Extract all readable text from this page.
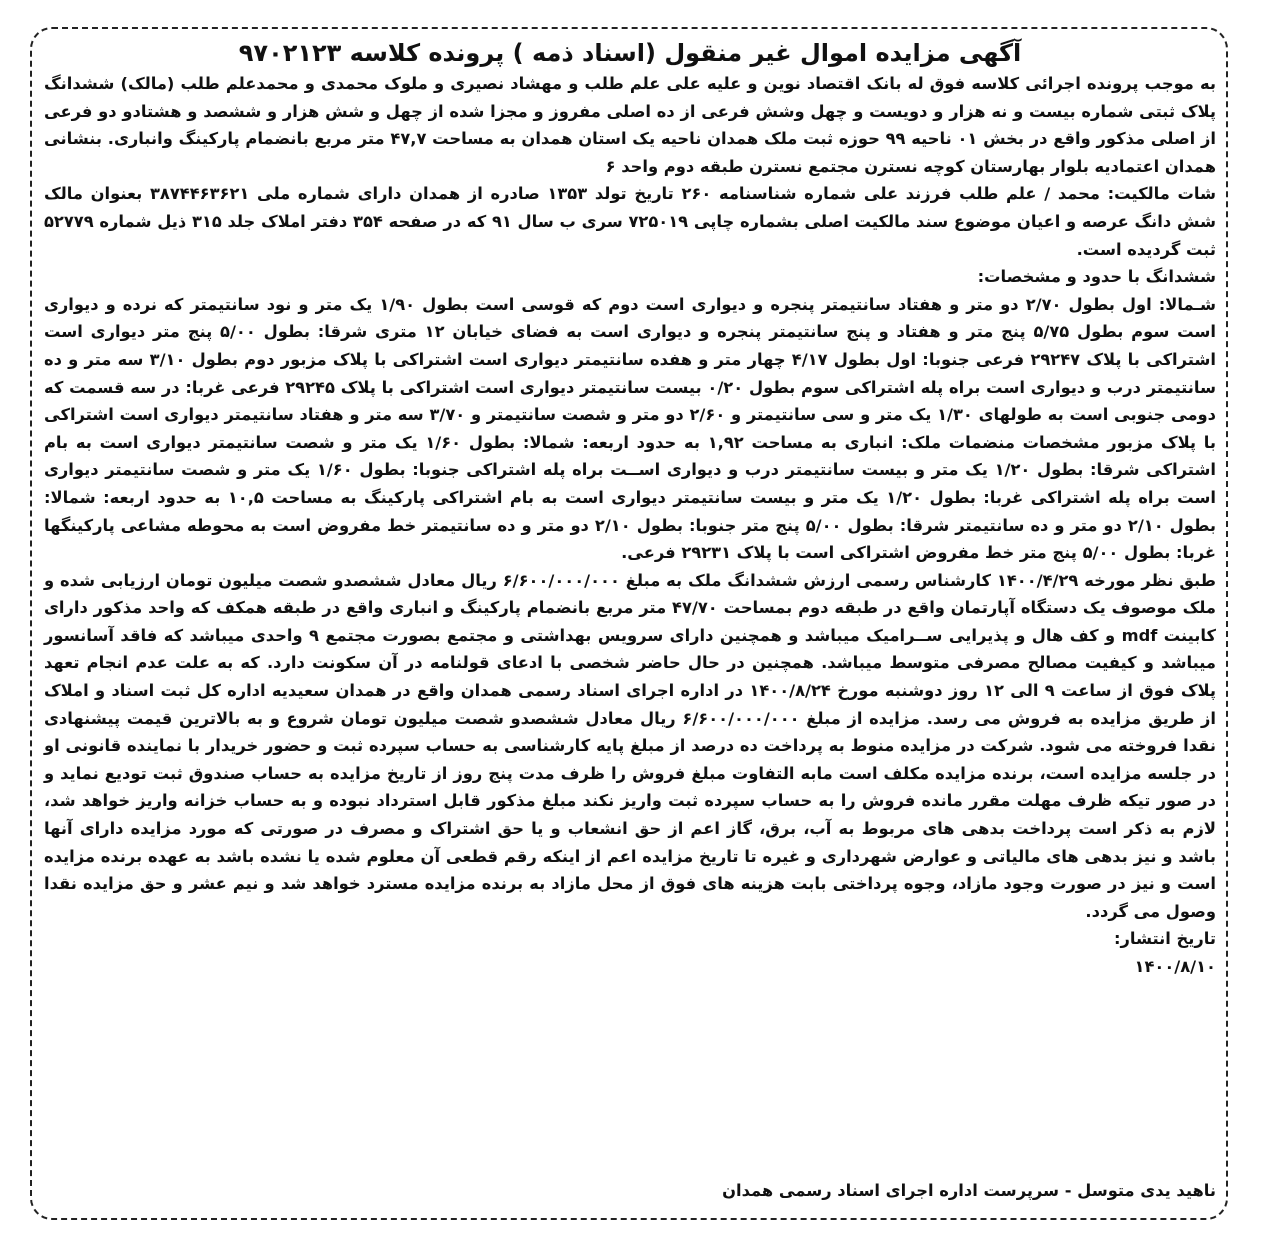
آگهی مزایده اموال غیر منقول (اسناد ذمه ) پرونده کلاسه ۹۷۰۲۱۲۳

به موجب پرونده اجرائی کلاسه فوق له بانک اقتصاد نوین و علیه علی علم طلب و مهشاد نصیری و ملوک محمدی و محمدعلم طلب (مالک) ششدانگ پلاک ثبتی شماره بیست و نه هزار و دویست و چهل وشش فرعی از ده اصلی مفروز و مجزا شده از چهل و شش هزار و ششصد و هشتادو دو فرعی از اصلی مذکور واقع در بخش ۰۱ ناحیه ۹۹ حوزه ثبت ملک همدان ناحیه یک استان همدان به مساحت ۴۷,۷ متر مربع بانضمام پارکینگ وانباری. بنشانی همدان اعتمادیه بلوار بهارستان کوچه نسترن مجتمع نسترن طبقه دوم واحد ۶

شات مالکیت: محمد / علم طلب فرزند علی شماره شناسنامه ۲۶۰ تاریخ تولد ۱۳۵۳ صادره از همدان دارای شماره ملی ۳۸۷۴۴۶۳۶۲۱ بعنوان مالک شش دانگ عرصه و اعیان موضوع سند مالکیت اصلی بشماره چاپی ۷۲۵۰۱۹ سری ب سال ۹۱ که در صفحه ۳۵۴ دفتر املاک جلد ۳۱۵ ذیل شماره ۵۲۷۷۹ ثبت گردیده است.

ششدانگ با حدود و مشخصات:

شـمالا: اول بطول ۲/۷۰ دو متر و هفتاد سانتیمتر پنجره و دیواری است دوم که قوسی است بطول ۱/۹۰ یک متر و نود سانتیمتر که نرده و دیواری است سوم بطول ۵/۷۵ پنج متر و هفتاد و پنج سانتیمتر پنجره و دیواری است به فضای خیابان ۱۲ متری شرقا: بطول ۵/۰۰ پنج متر دیواری است اشتراکی با پلاک ۲۹۲۴۷ فرعی جنوبا: اول بطول ۴/۱۷ چهار متر و هفده سانتیمتر دیواری است اشتراکی با پلاک مزبور دوم بطول ۳/۱۰ سه متر و ده سانتیمتر درب و دیواری است براه پله اشتراکی سوم بطول ۰/۲۰ بیست سانتیمتر دیواری است اشتراکی با پلاک ۲۹۲۴۵ فرعی غربا: در سه قسمت که دومی جنوبی است به طولهای ۱/۳۰ یک متر و سی سانتیمتر و ۲/۶۰ دو متر و شصت سانتیمتر و ۳/۷۰ سه متر و هفتاد سانتیمتر دیواری است اشتراکی با پلاک مزبور مشخصات منضمات ملک: انباری به مساحت ۱,۹۲ به حدود اربعه: شمالا: بطول ۱/۶۰ یک متر و شصت سانتیمتر دیواری است به بام اشتراکی شرقا: بطول ۱/۲۰ یک متر و بیست سانتیمتر درب و دیواری اســت براه پله اشتراکی جنوبا: بطول ۱/۶۰ یک متر و شصت سانتیمتر دیواری است براه پله اشتراکی غربا: بطول ۱/۲۰ یک متر و بیست سانتیمتر دیواری است به بام اشتراکی پارکینگ به مساحت ۱۰,۵ به حدود اربعه: شمالا: بطول ۲/۱۰ دو متر و ده سانتیمتر شرقا: بطول ۵/۰۰ پنج متر جنوبا: بطول ۲/۱۰ دو متر و ده سانتیمتر خط مفروض است به محوطه مشاعی پارکینگها غربا: بطول ۵/۰۰ پنج متر خط مفروض اشتراکی است با پلاک ۲۹۲۳۱ فرعی.

طبق نظر مورخه ۱۴۰۰/۴/۲۹ کارشناس رسمی ارزش ششدانگ ملک به مبلغ ۶/۶۰۰/۰۰۰/۰۰۰ ریال معادل ششصدو شصت میلیون تومان ارزیابی شده و ملک موصوف یک دستگاه آپارتمان واقع در طبقه دوم بمساحت ۴۷/۷۰ متر مربع بانضمام پارکینگ و انباری واقع در طبقه همکف که واحد مذکور دارای کابینت mdf و کف هال و پذیرایی ســرامیک میباشد و همچنین دارای سرویس بهداشتی و مجتمع بصورت مجتمع ۹ واحدی میباشد که فاقد آسانسور میباشد و کیفیت مصالح مصرفی متوسط میباشد. همچنین در حال حاضر شخصی با ادعای قولنامه در آن سکونت دارد. که به علت عدم انجام تعهد پلاک فوق از ساعت ۹ الی ۱۲ روز دوشنبه مورخ ۱۴۰۰/۸/۲۴ در اداره اجرای اسناد رسمی همدان واقع در همدان سعیدیه اداره کل ثبت اسناد و املاک از طریق مزایده به فروش می رسد. مزایده از مبلغ ۶/۶۰۰/۰۰۰/۰۰۰ ریال معادل ششصدو شصت میلیون تومان شروع و به بالاترین قیمت پیشنهادی نقدا فروخته می شود. شرکت در مزایده منوط به پرداخت ده درصد از مبلغ پایه کارشناسی به حساب سپرده ثبت و حضور خریدار با نماینده قانونی او در جلسه مزایده است، برنده مزایده مکلف است مابه التفاوت مبلغ فروش را ظرف مدت پنج روز از تاریخ مزایده به حساب صندوق ثبت تودیع نماید و در صور تیکه ظرف مهلت مقرر مانده فروش را به حساب سپرده ثبت واریز نکند مبلغ مذکور قابل استرداد نبوده و به حساب خزانه واریز خواهد شد، لازم به ذکر است پرداخت بدهی های مربوط به آب، برق، گاز اعم از حق انشعاب و یا حق اشتراک و مصرف در صورتی که مورد مزایده دارای آنها باشد و نیز بدهی های مالیاتی و عوارض شهرداری و غیره تا تاریخ مزایده اعم از اینکه رقم قطعی آن معلوم شده یا نشده باشد به عهده برنده مزایده است و نیز در صورت وجود مازاد، وجوه پرداختی بابت هزینه های فوق از محل مازاد به برنده مزایده مسترد خواهد شد و نیم عشر و حق مزایده نقدا وصول می گردد.

تاریخ انتشار:

۱۴۰۰/۸/۱۰

ناهید یدی متوسل - سرپرست اداره اجرای اسناد رسمی همدان
